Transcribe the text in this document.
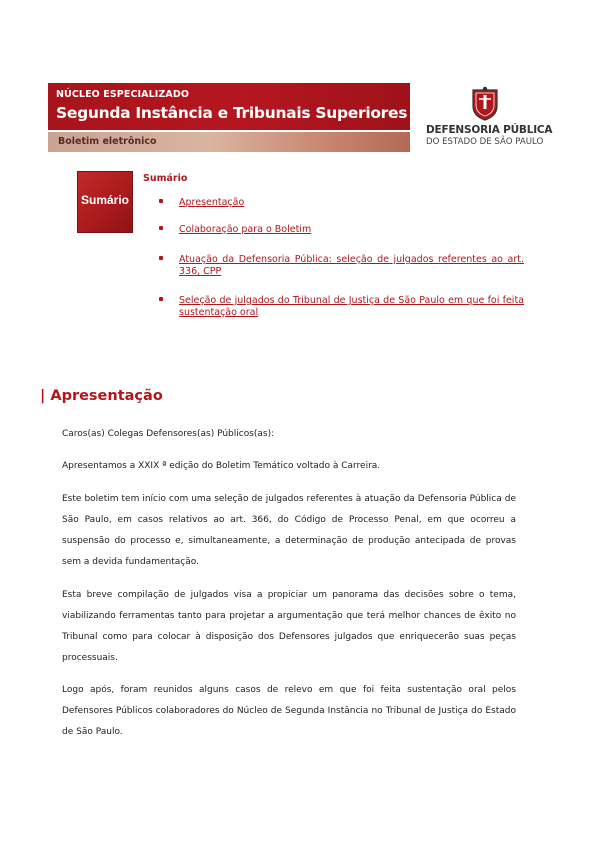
NÚCLEO ESPECIALIZADO
Segunda Instância e Tribunais Superiores
Boletim eletrônico
DEFENSORIA PÚBLICA
DO ESTADO DE SÃO PAULO
Sumário
Sumário
Apresentação
Colaboração para o Boletim
Atuação da Defensoria Pública: seleção de julgados referentes ao art. 336, CPP
Seleção de julgados do Tribunal de Justiça de São Paulo em que foi feita sustentação oral
| Apresentação

Caros(as) Colegas Defensores(as) Públicos(as):

Apresentamos a XXIX ª edição do Boletim Temático voltado à Carreira.

Este boletim tem início com uma seleção de julgados referentes à atuação da Defensoria Pública de São Paulo, em casos relativos ao art. 366, do Código de Processo Penal, em que ocorreu a suspensão do processo e, simultaneamente, a determinação de produção antecipada de provas sem a devida fundamentação.

Esta breve compilação de julgados visa a propiciar um panorama das decisões sobre o tema, viabilizando ferramentas tanto para projetar a argumentação que terá melhor chances de êxito no Tribunal como para colocar à disposição dos Defensores julgados que enriquecerão suas peças processuais.

Logo após, foram reunidos alguns casos de relevo em que foi feita sustentação oral pelos Defensores Públicos colaboradores do Núcleo de Segunda Instância no Tribunal de Justiça do Estado de São Paulo.
